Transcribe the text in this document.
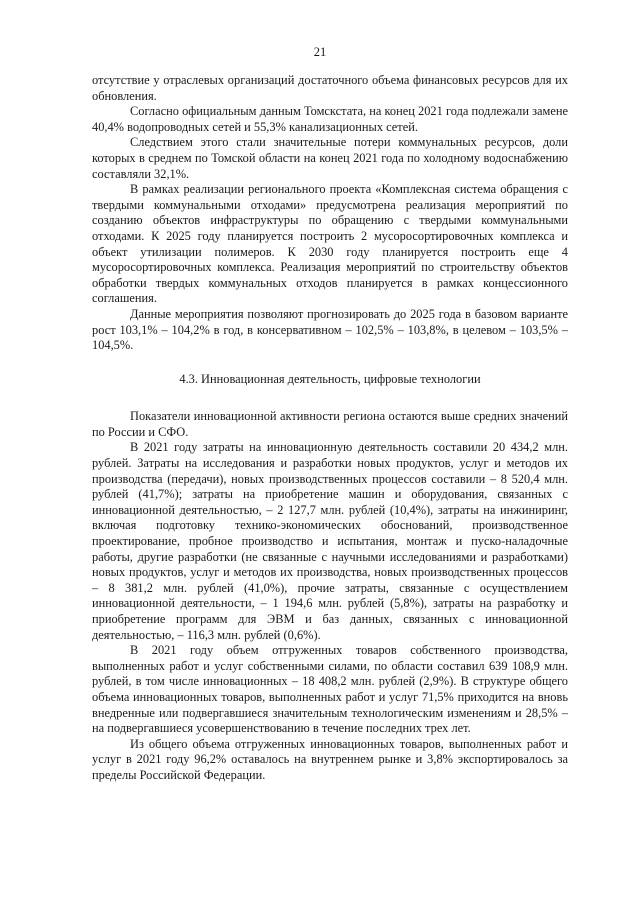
21

отсутствие у отраслевых организаций достаточного объема финансовых ресурсов для их обновления.

Согласно официальным данным Томскстата, на конец 2021 года подлежали замене 40,4% водопроводных сетей и 55,3% канализационных сетей.

Следствием этого стали значительные потери коммунальных ресурсов, доли которых в среднем по Томской области на конец 2021 года по холодному водоснабжению составляли 32,1%.

В рамках реализации регионального проекта «Комплексная система обращения с твердыми коммунальными отходами» предусмотрена реализация мероприятий по созданию объектов инфраструктуры по обращению с твердыми коммунальными отходами. К 2025 году планируется построить 2 мусоросортировочных комплекса и объект утилизации полимеров. К 2030 году планируется построить еще 4 мусоросортировочных комплекса. Реализация мероприятий по строительству объектов обработки твердых коммунальных отходов планируется в рамках концессионного соглашения.

Данные мероприятия позволяют прогнозировать до 2025 года в базовом варианте рост 103,1% – 104,2% в год, в консервативном – 102,5% – 103,8%, в целевом – 103,5% – 104,5%.

4.3. Инновационная деятельность, цифровые технологии

Показатели инновационной активности региона остаются выше средних значений по России и СФО.

В 2021 году затраты на инновационную деятельность составили 20 434,2 млн. рублей. Затраты на исследования и разработки новых продуктов, услуг и методов их производства (передачи), новых производственных процессов составили – 8 520,4 млн. рублей (41,7%); затраты на приобретение машин и оборудования, связанных с инновационной деятельностью, – 2 127,7 млн. рублей (10,4%), затраты на инжиниринг, включая подготовку технико-экономических обоснований, производственное проектирование, пробное производство и испытания, монтаж и пуско-наладочные работы, другие разработки (не связанные с научными исследованиями и разработками) новых продуктов, услуг и методов их производства, новых производственных процессов – 8 381,2 млн. рублей (41,0%), прочие затраты, связанные с осуществлением инновационной деятельности, – 1 194,6 млн. рублей (5,8%), затраты на разработку и приобретение программ для ЭВМ и баз данных, связанных с инновационной деятельностью, – 116,3 млн. рублей (0,6%).

В 2021 году объем отгруженных товаров собственного производства, выполненных работ и услуг собственными силами, по области составил 639 108,9 млн. рублей, в том числе инновационных – 18 408,2 млн. рублей (2,9%). В структуре общего объема инновационных товаров, выполненных работ и услуг 71,5% приходится на вновь внедренные или подвергавшиеся значительным технологическим изменениям и 28,5% – на подвергавшиеся усовершенствованию в течение последних трех лет.

Из общего объема отгруженных инновационных товаров, выполненных работ и услуг в 2021 году 96,2% оставалось на внутреннем рынке и 3,8% экспортировалось за пределы Российской Федерации.
